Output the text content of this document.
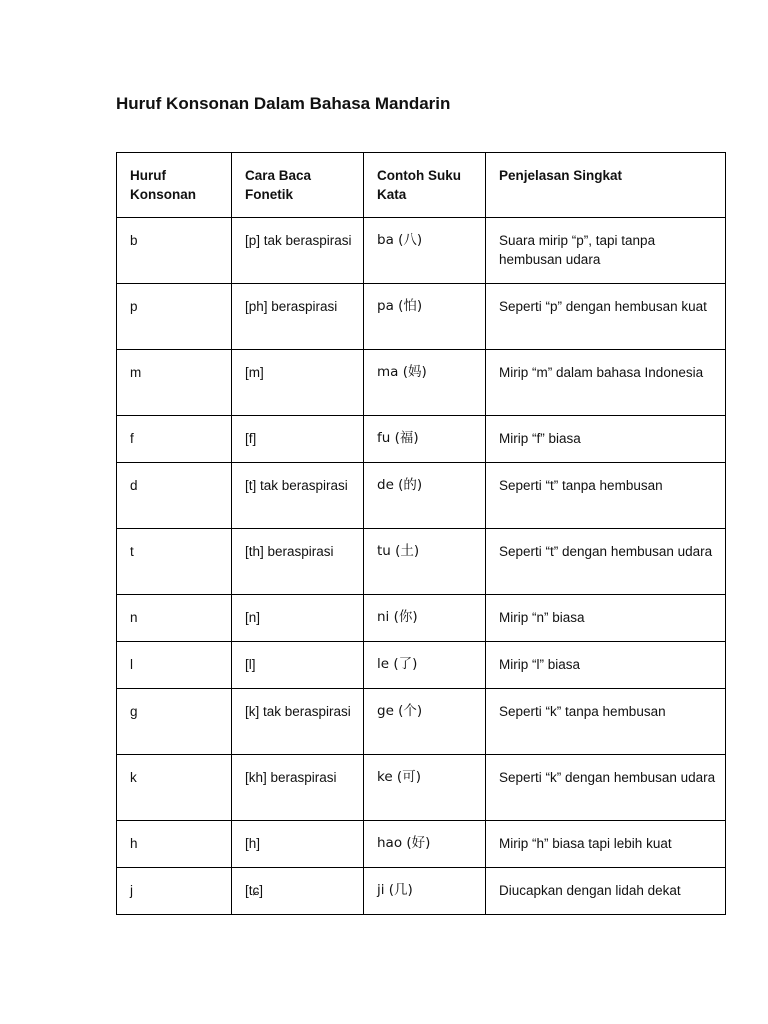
Huruf Konsonan Dalam Bahasa Mandarin
Huruf Konsonan	Cara Baca Fonetik	Contoh Suku Kata	Penjelasan Singkat
b	[p] tak beraspirasi	ba (八)	Suara mirip “p”, tapi tanpa hembusan udara
p	[ph] beraspirasi	pa (怕)	Seperti “p” dengan hembusan kuat
m	[m]	ma (妈)	Mirip “m” dalam bahasa Indonesia
f	[f]	fu (福)	Mirip “f” biasa
d	[t] tak beraspirasi	de (的)	Seperti “t” tanpa hembusan
t	[th] beraspirasi	tu (土)	Seperti “t” dengan hembusan udara
n	[n]	ni (你)	Mirip “n” biasa
l	[l]	le (了)	Mirip “l” biasa
g	[k] tak beraspirasi	ge (个)	Seperti “k” tanpa hembusan
k	[kh] beraspirasi	ke (可)	Seperti “k” dengan hembusan udara
h	[h]	hao (好)	Mirip “h” biasa tapi lebih kuat
j	[tɕ]	ji (几)	Diucapkan dengan lidah dekat
